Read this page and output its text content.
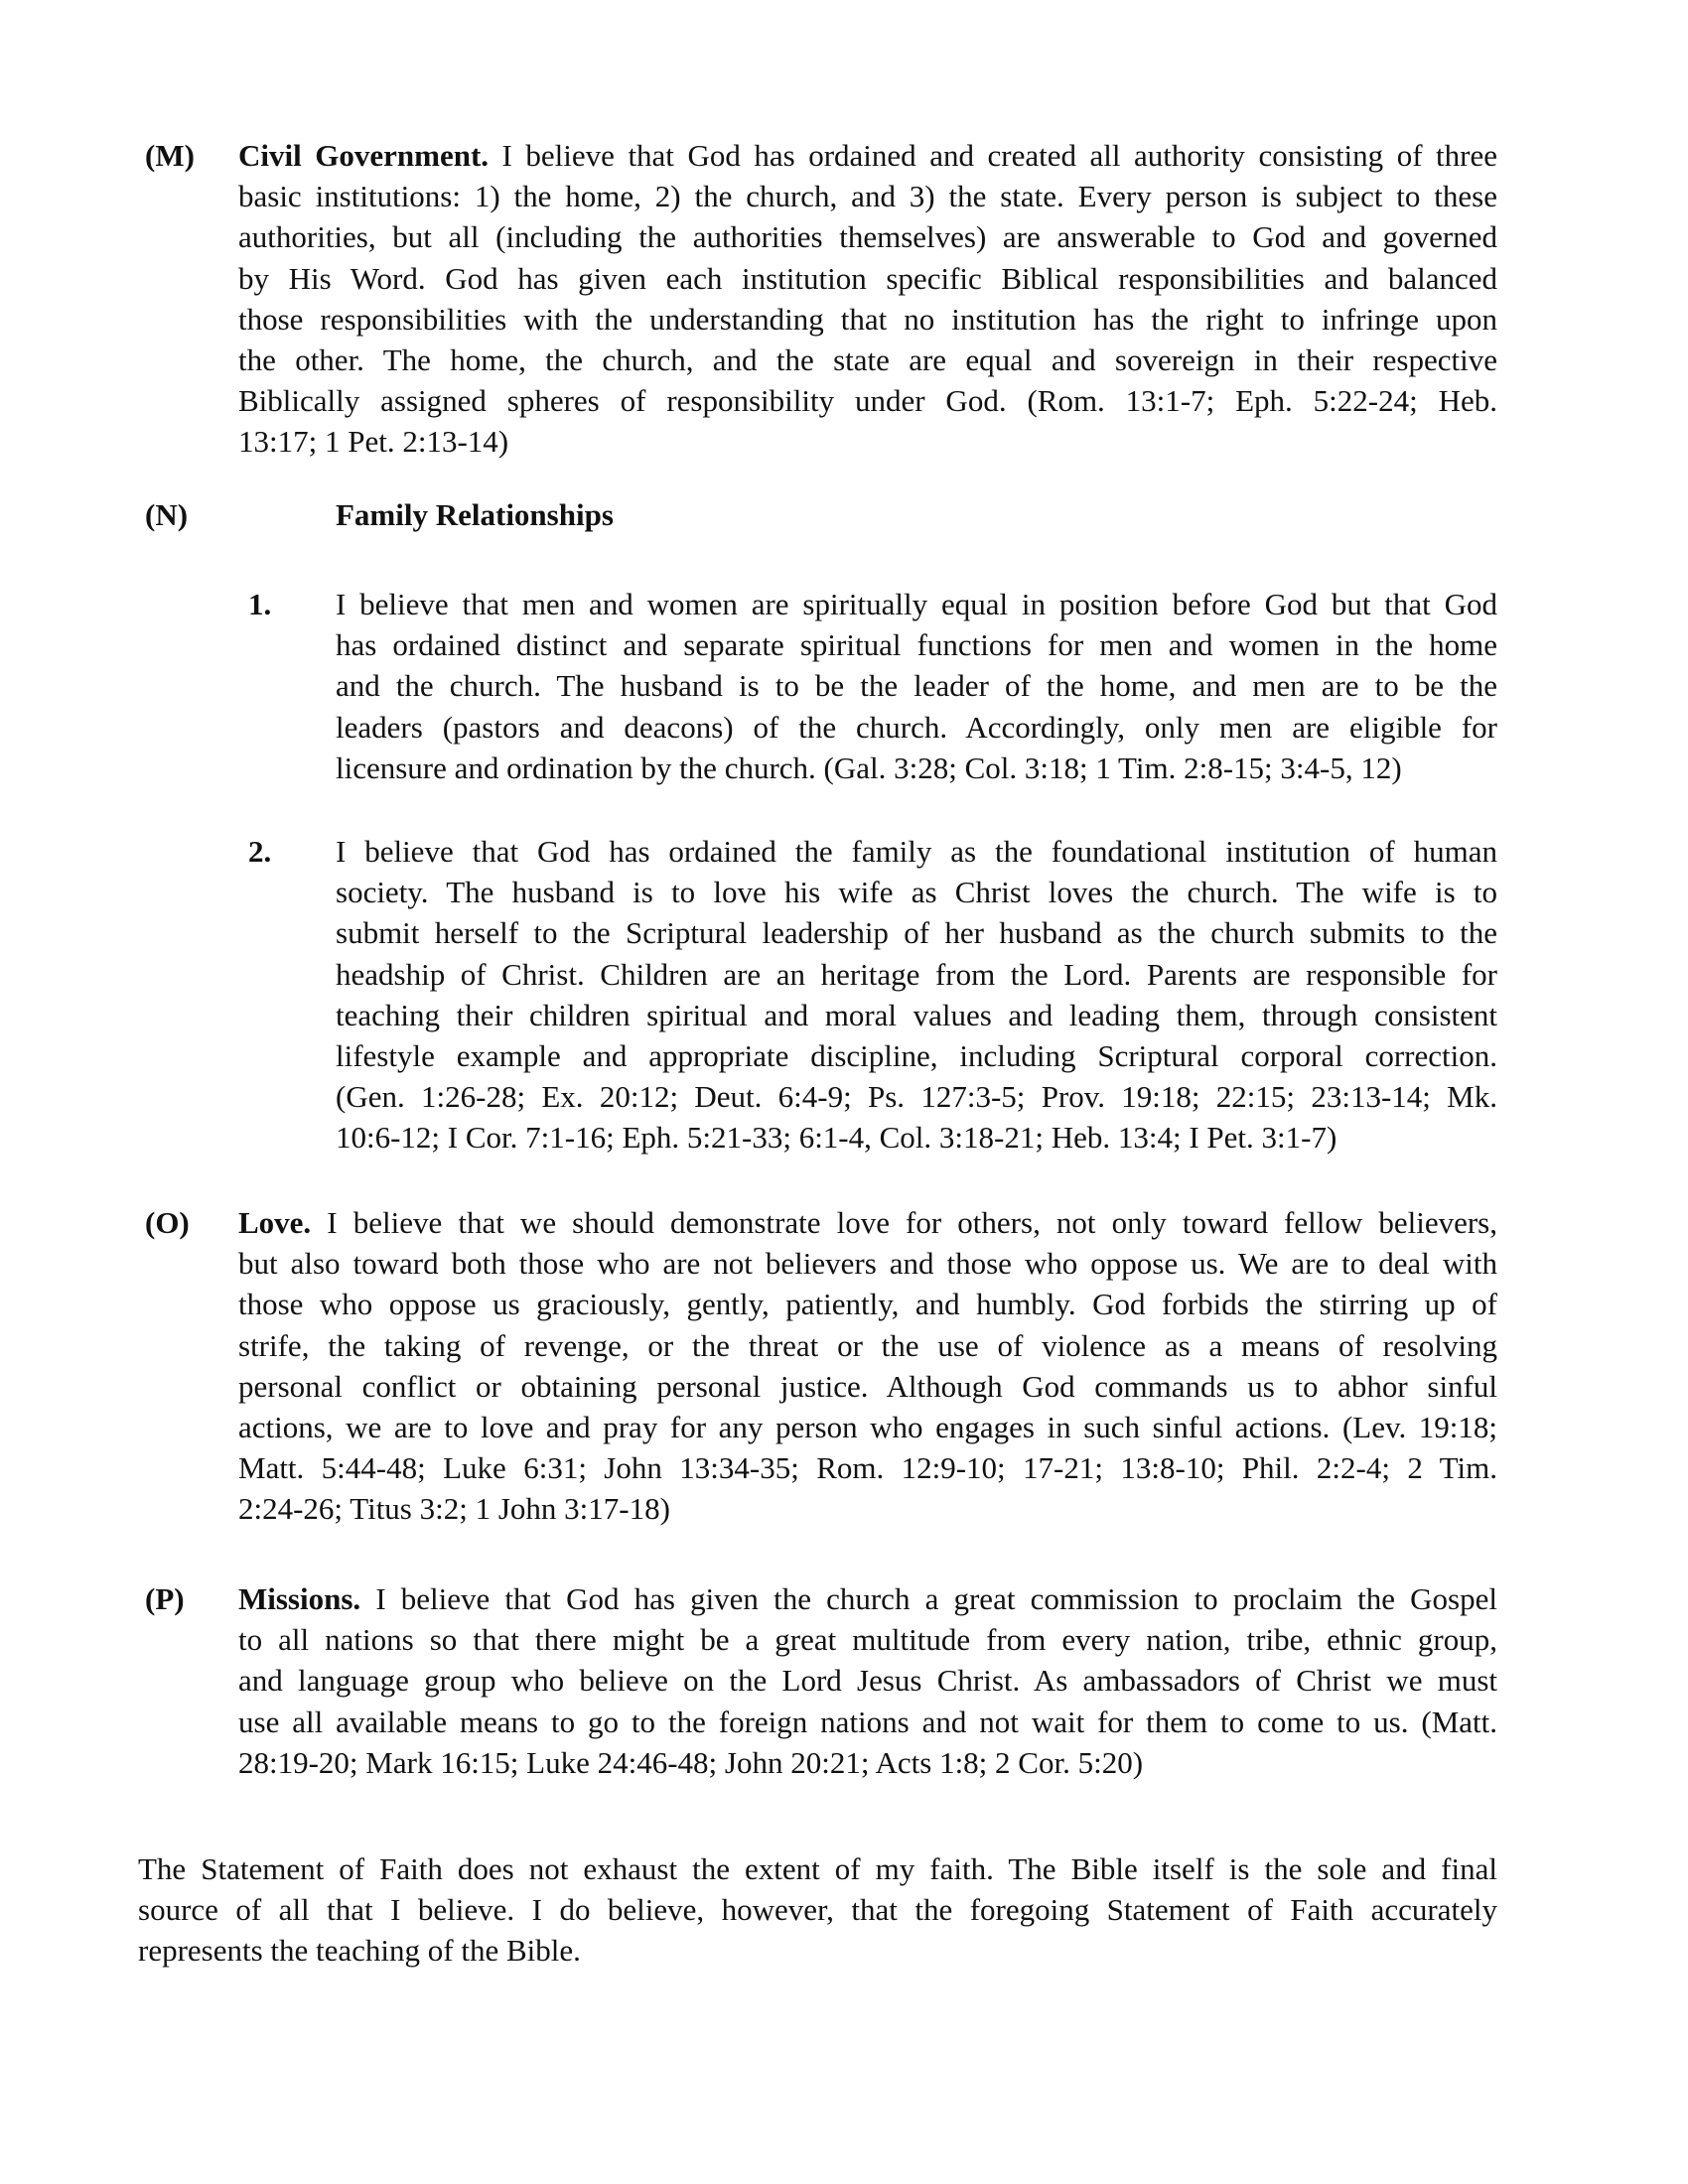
(M) Civil Government. I believe that God has ordained and created all authority consisting of three
basic institutions: 1) the home, 2) the church, and 3) the state. Every person is subject to these
authorities, but all (including the authorities themselves) are answerable to God and governed
by His Word. God has given each institution specific Biblical responsibilities and balanced
those responsibilities with the understanding that no institution has the right to infringe upon
the other. The home, the church, and the state are equal and sovereign in their respective
Biblically assigned spheres of responsibility under God. (Rom. 13:1-7; Eph. 5:22-24; Heb.
13:17; 1 Pet. 2:13-14)
(N)	Family Relationships
1. I believe that men and women are spiritually equal in position before God but that God
has ordained distinct and separate spiritual functions for men and women in the home
and the church. The husband is to be the leader of the home, and men are to be the
leaders (pastors and deacons) of the church. Accordingly, only men are eligible for
licensure and ordination by the church. (Gal. 3:28; Col. 3:18; 1 Tim. 2:8-15; 3:4-5, 12)
2. I believe that God has ordained the family as the foundational institution of human
society. The husband is to love his wife as Christ loves the church. The wife is to
submit herself to the Scriptural leadership of her husband as the church submits to the
headship of Christ. Children are an heritage from the Lord. Parents are responsible for
teaching their children spiritual and moral values and leading them, through consistent
lifestyle example and appropriate discipline, including Scriptural corporal correction.
(Gen. 1:26-28; Ex. 20:12; Deut. 6:4-9; Ps. 127:3-5; Prov. 19:18; 22:15; 23:13-14; Mk.
10:6-12; I Cor. 7:1-16; Eph. 5:21-33; 6:1-4, Col. 3:18-21; Heb. 13:4; I Pet. 3:1-7)
(O) Love. I believe that we should demonstrate love for others, not only toward fellow believers,
but also toward both those who are not believers and those who oppose us. We are to deal with
those who oppose us graciously, gently, patiently, and humbly. God forbids the stirring up of
strife, the taking of revenge, or the threat or the use of violence as a means of resolving
personal conflict or obtaining personal justice. Although God commands us to abhor sinful
actions, we are to love and pray for any person who engages in such sinful actions. (Lev. 19:18;
Matt. 5:44-48; Luke 6:31; John 13:34-35; Rom. 12:9-10; 17-21; 13:8-10; Phil. 2:2-4; 2 Tim.
2:24-26; Titus 3:2; 1 John 3:17-18)
(P) Missions. I believe that God has given the church a great commission to proclaim the Gospel
to all nations so that there might be a great multitude from every nation, tribe, ethnic group,
and language group who believe on the Lord Jesus Christ. As ambassadors of Christ we must
use all available means to go to the foreign nations and not wait for them to come to us. (Matt.
28:19-20; Mark 16:15; Luke 24:46-48; John 20:21; Acts 1:8; 2 Cor. 5:20)
The Statement of Faith does not exhaust the extent of my faith. The Bible itself is the sole and final
source of all that I believe. I do believe, however, that the foregoing Statement of Faith accurately
represents the teaching of the Bible.
